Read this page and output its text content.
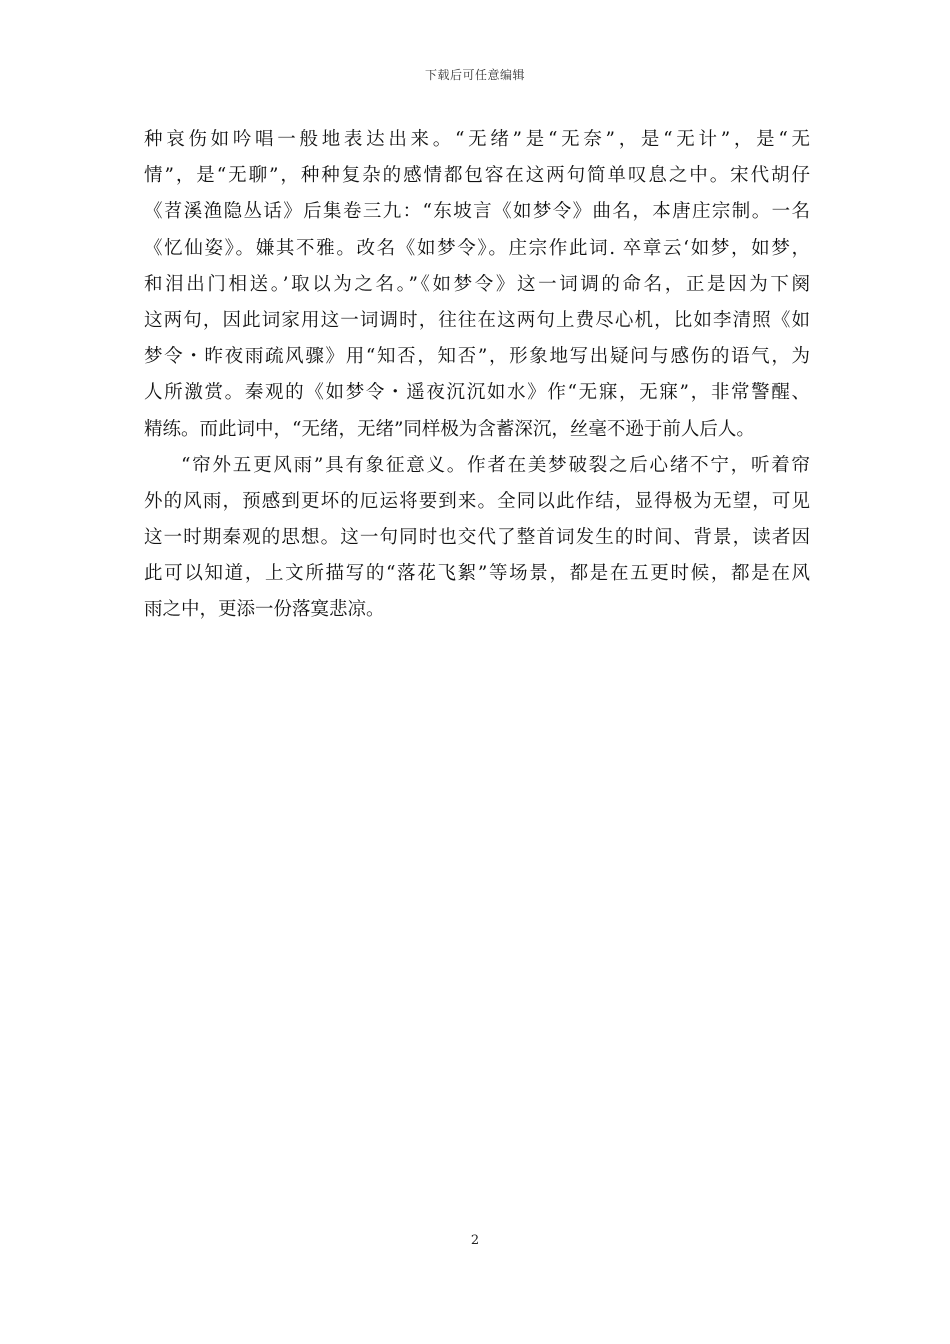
下载后可任意编辑
种哀伤如吟唱一般地表达出来。“无绪”是“无奈”，是“无计”，是“无
情”，是“无聊”，种种复杂的感情都包容在这两句简单叹息之中。宋代胡仔
《苕溪渔隐丛话》后集卷三九：“东坡言《如梦令》曲名，本唐庄宗制。一名
《忆仙姿》。嫌其不雅。改名《如梦令》。庄宗作此词. 卒章云‘如梦，如梦，
和泪出门相送。’取以为之名。”《如梦令》这一词调的命名，正是因为下阕
这两句，因此词家用这一词调时，往往在这两句上费尽心机，比如李清照《如
梦令・昨夜雨疏风骤》用“知否，知否”，形象地写出疑问与感伤的语气，为
人所激赏。秦观的《如梦令・遥夜沉沉如水》作“无寐，无寐”，非常警醒、
精练。而此词中，“无绪，无绪”同样极为含蓄深沉，丝毫不逊于前人后人。
“帘外五更风雨”具有象征意义。作者在美梦破裂之后心绪不宁，听着帘
外的风雨，预感到更坏的厄运将要到来。全同以此作结，显得极为无望，可见
这一时期秦观的思想。这一句同时也交代了整首词发生的时间、背景，读者因
此可以知道，上文所描写的“落花飞絮”等场景，都是在五更时候，都是在风
雨之中，更添一份落寞悲凉。
2
